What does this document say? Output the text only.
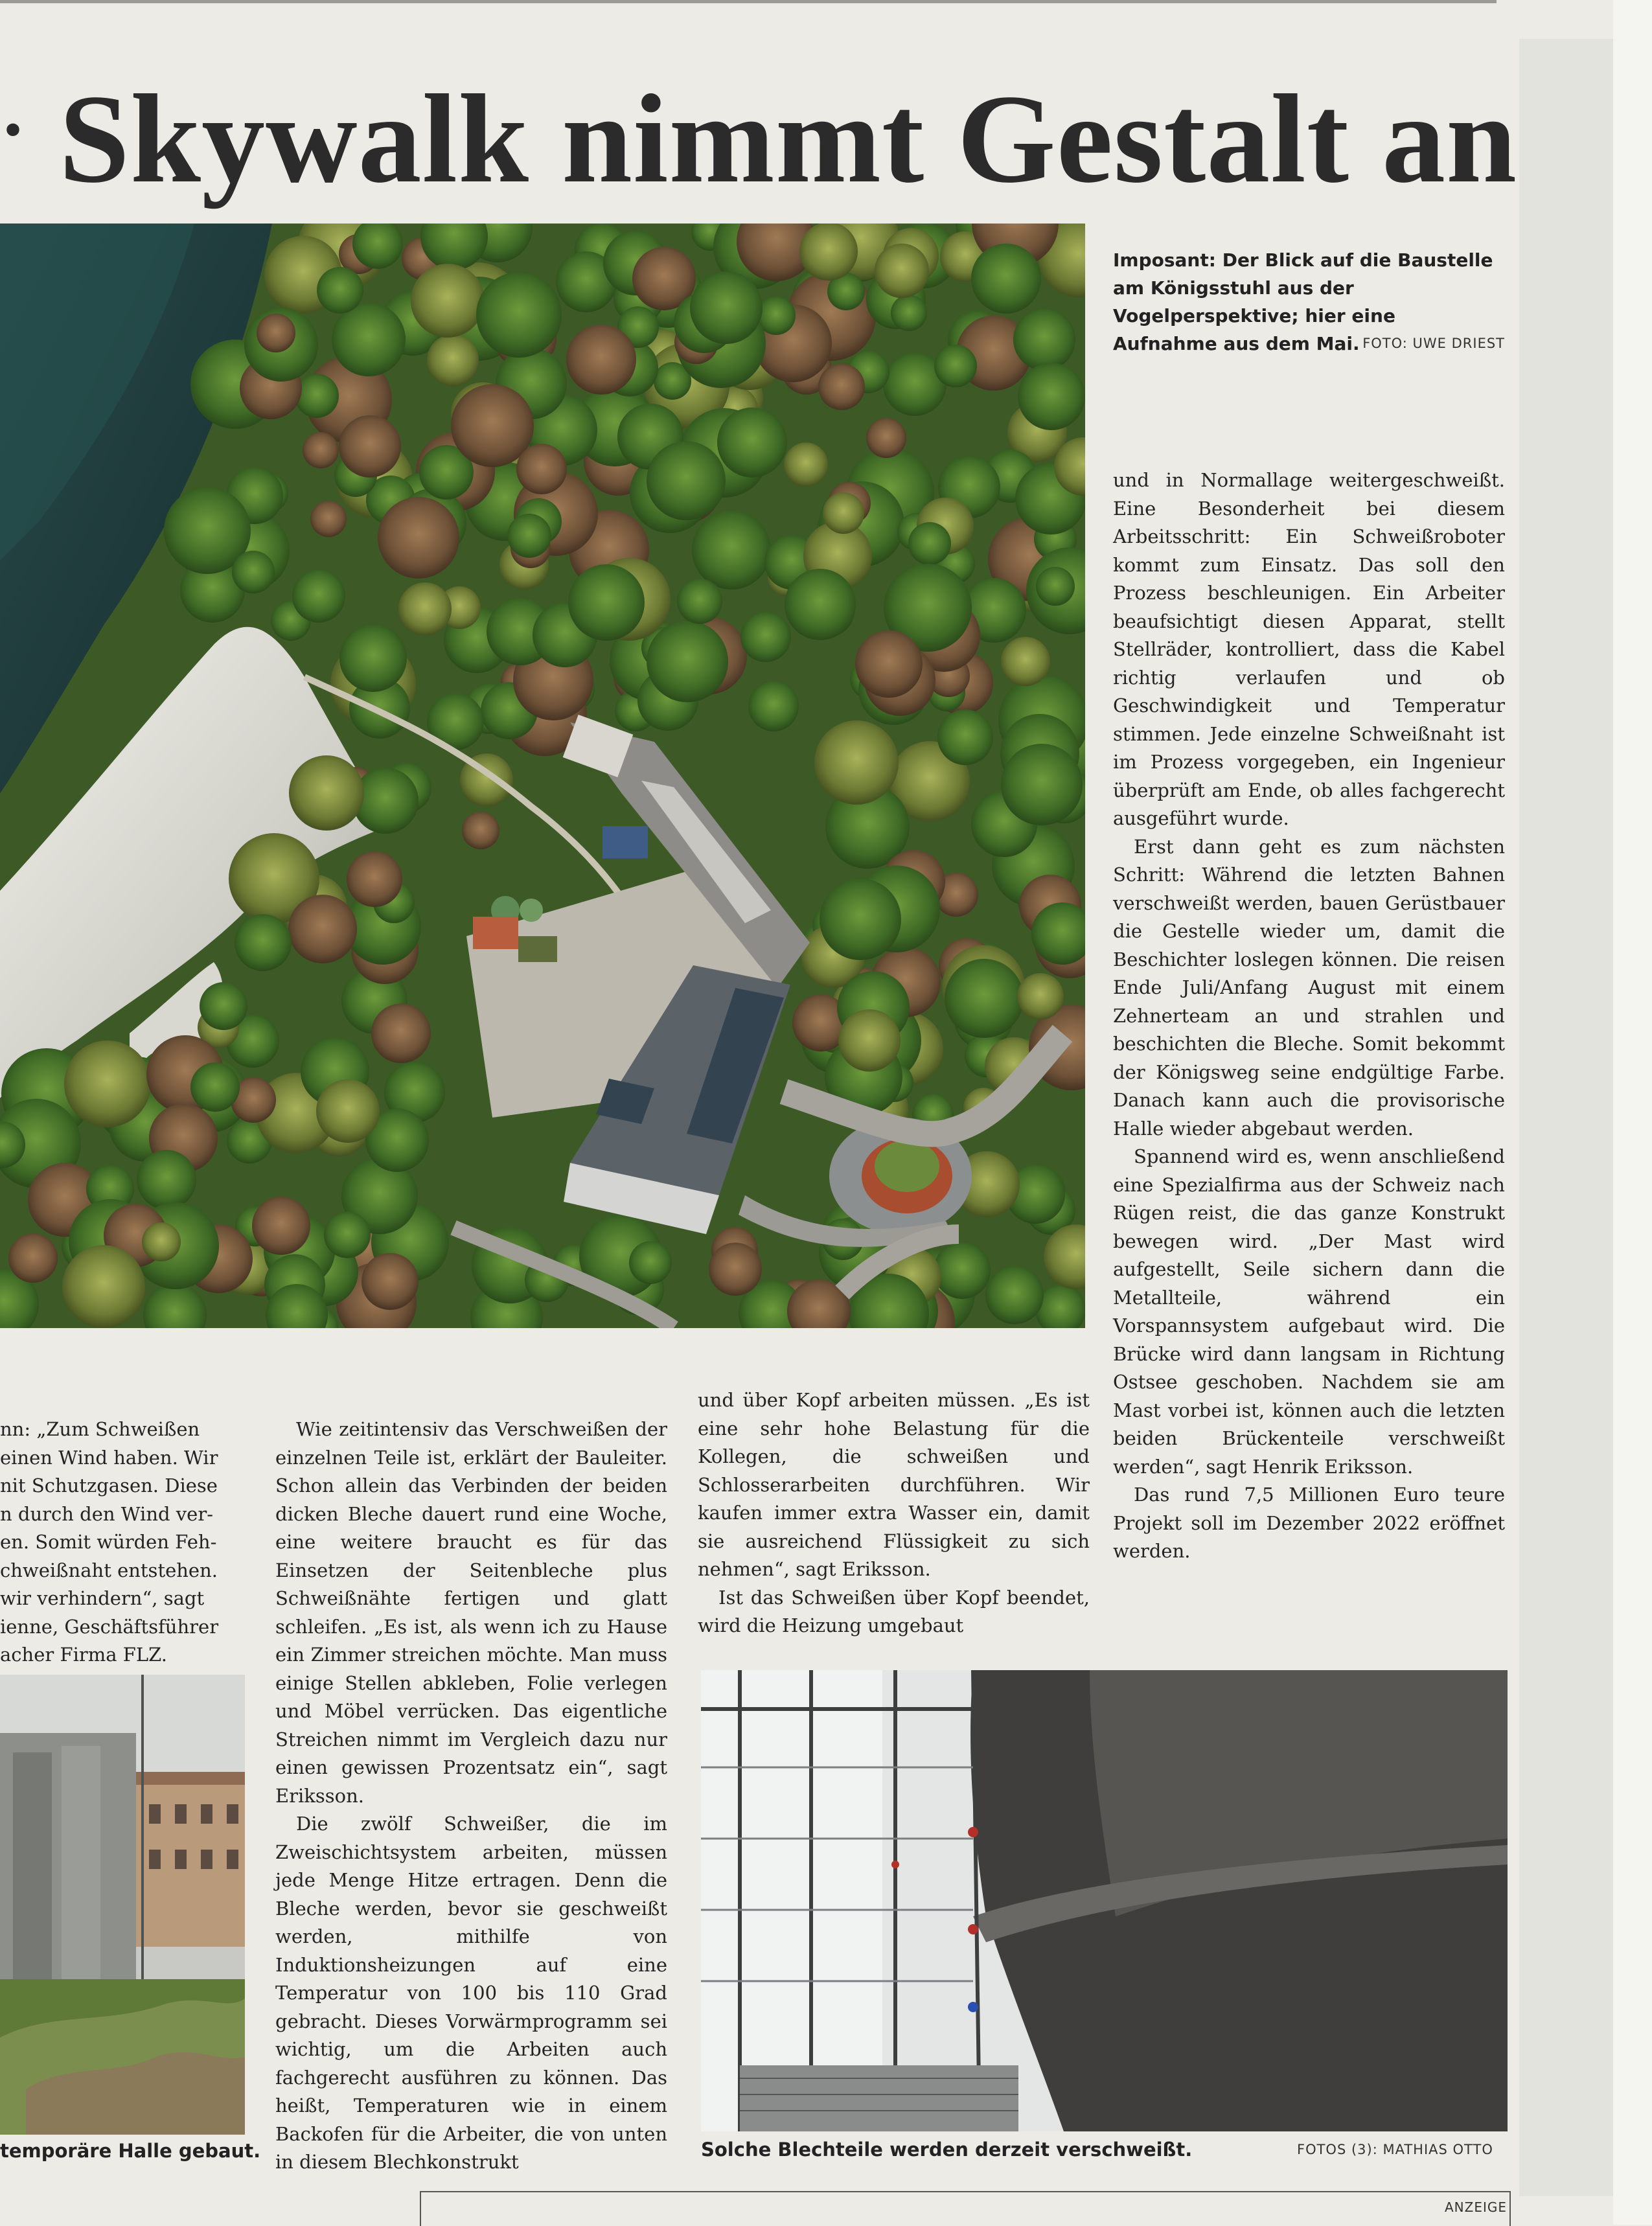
· Skywalk nimmt Gestalt an
Imposant: Der Blick auf die Baustelle am Königsstuhl aus der Vogelperspektive; hier eine Aufnahme aus dem Mai. FOTO: UWE DRIEST

und in Normallage weitergeschweißt. Eine Besonderheit bei diesem Arbeitsschritt: Ein Schweißroboter kommt zum Einsatz. Das soll den Prozess beschleunigen. Ein Arbeiter beaufsichtigt diesen Apparat, stellt Stellräder, kontrolliert, dass die Kabel richtig verlaufen und ob Geschwindigkeit und Temperatur stimmen. Jede einzelne Schweißnaht ist im Prozess vorgegeben, ein Ingenieur überprüft am Ende, ob alles fachgerecht ausgeführt wurde.

Erst dann geht es zum nächsten Schritt: Während die letzten Bahnen verschweißt werden, bauen Gerüstbauer die Gestelle wieder um, damit die Beschichter loslegen können. Die reisen Ende Juli/Anfang August mit einem Zehnerteam an und strahlen und beschichten die Bleche. Somit bekommt der Königsweg seine endgültige Farbe. Danach kann auch die provisorische Halle wieder abgebaut werden.

Spannend wird es, wenn anschließend eine Spezialfirma aus der Schweiz nach Rügen reist, die das ganze Konstrukt bewegen wird. „Der Mast wird aufgestellt, Seile sichern dann die Metallteile, während ein Vorspannsystem aufgebaut wird. Die Brücke wird dann langsam in Richtung Ostsee geschoben. Nachdem sie am Mast vorbei ist, können auch die letzten beiden Brückenteile verschweißt werden“, sagt Henrik Eriksson.

Das rund 7,5 Millionen Euro teure Projekt soll im Dezember 2022 eröffnet werden.

nn: „Zum Schweißen
einen Wind haben. Wir
nit Schutzgasen. Diese
n durch den Wind ver-
en. Somit würden Feh-
chweißnaht entstehen.
wir verhindern“, sagt
ienne, Geschäftsführer
acher Firma FLZ.

Wie zeitintensiv das Verschweißen der einzelnen Teile ist, erklärt der Bauleiter. Schon allein das Verbinden der beiden dicken Bleche dauert rund eine Woche, eine weitere braucht es für das Einsetzen der Seitenbleche plus Schweißnähte fertigen und glatt schleifen. „Es ist, als wenn ich zu Hause ein Zimmer streichen möchte. Man muss einige Stellen abkleben, Folie verlegen und Möbel verrücken. Das eigentliche Streichen nimmt im Vergleich dazu nur einen gewissen Prozentsatz ein“, sagt Eriksson.

Die zwölf Schweißer, die im Zweischichtsystem arbeiten, müssen jede Menge Hitze ertragen. Denn die Bleche werden, bevor sie geschweißt werden, mithilfe von Induktionsheizungen auf eine Temperatur von 100 bis 110 Grad gebracht. Dieses Vorwärmprogramm sei wichtig, um die Arbeiten auch fachgerecht ausführen zu können. Das heißt, Temperaturen wie in einem Backofen für die Arbeiter, die von unten in diesem Blechkonstrukt

und über Kopf arbeiten müssen. „Es ist eine sehr hohe Belastung für die Kollegen, die schweißen und Schlosserarbeiten durchführen. Wir kaufen immer extra Wasser ein, damit sie ausreichend Flüssigkeit zu sich nehmen“, sagt Eriksson.

Ist das Schweißen über Kopf beendet, wird die Heizung umgebaut

temporäre Halle gebaut.	Solche Blechteile werden derzeit verschweißt.	FOTOS (3): MATHIAS OTTO
ANZEIGE
